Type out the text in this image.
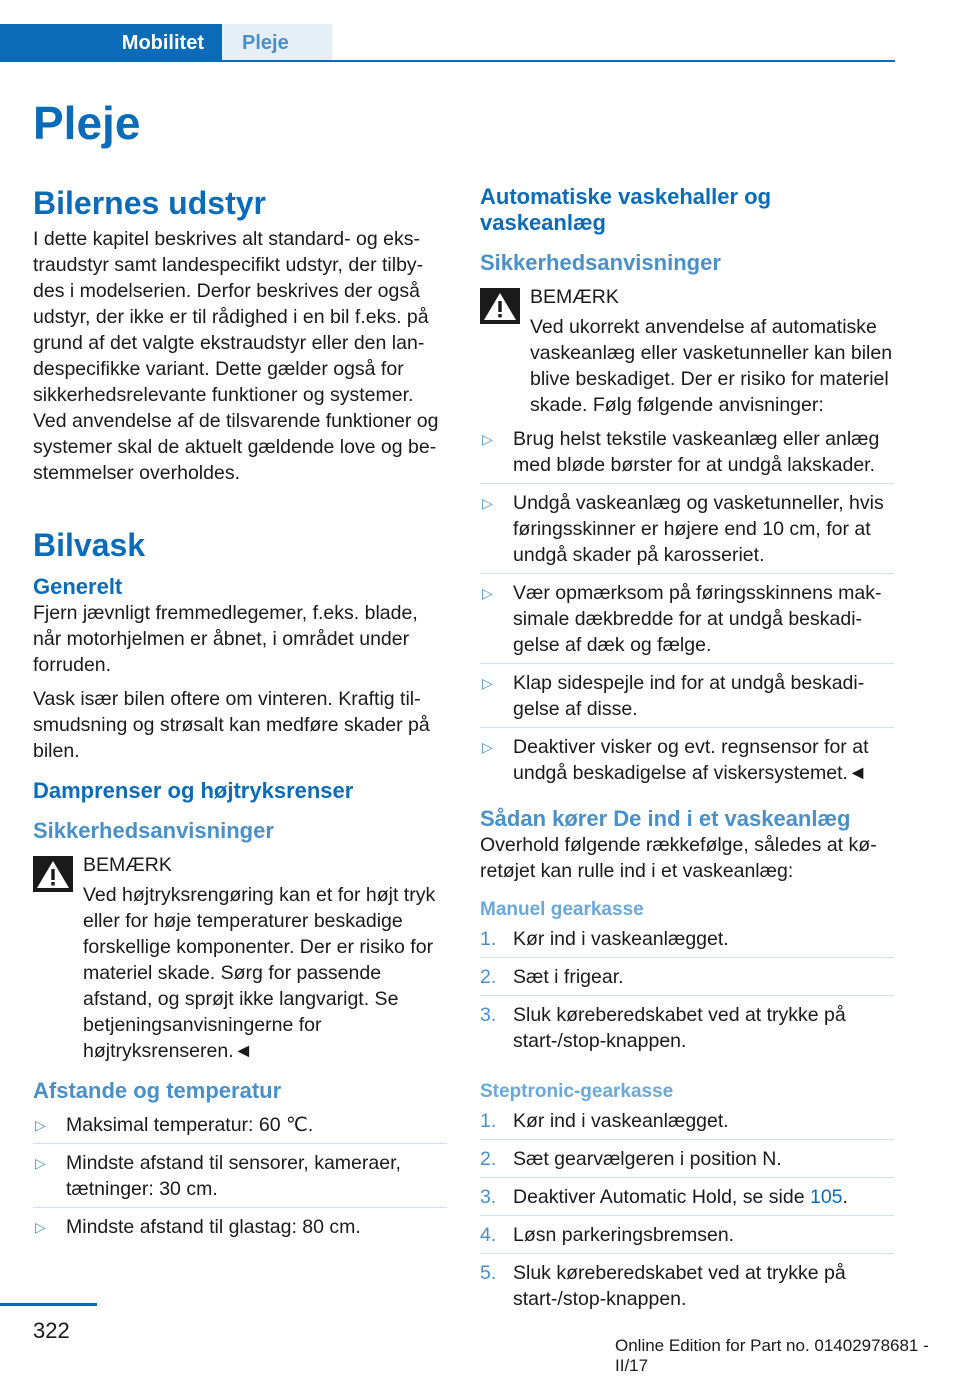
Mobilitet Pleje
Pleje
Bilernes udstyr

I dette kapitel beskrives alt standard- og ekstraudstyr samt landespecifikt udstyr, der tilbydes i modelserien. Derfor beskrives der også udstyr, der ikke er til rådighed i en bil f.eks. på grund af det valgte ekstraudstyr eller den landespecifikke variant. Dette gælder også for sikkerhedsrelevante funktioner og systemer. Ved anvendelse af de tilsvarende funktioner og systemer skal de aktuelt gældende love og bestemmelser overholdes.

Bilvask
Generelt

Fjern jævnligt fremmedlegemer, f.eks. blade, når motorhjelmen er åbnet, i området under forruden.

Vask især bilen oftere om vinteren. Kraftig tilsmudsning og strøsalt kan medføre skader på bilen.

Damprenser og højtryksrenser
Sikkerhedsanvisninger

BEMÆRK

Ved højtryksrengøring kan et for højt tryk eller for høje temperaturer beskadige forskellige komponenter. Der er risiko for materiel skade. Sørg for passende afstand, og sprøjt ikke langvarigt. Se betjeningsanvisningerne for højtryksrenseren.◄

Afstande og temperatur
▷ Maksimal temperatur: 60 ℃.
▷ Mindste afstand til sensorer, kameraer, tætninger: 30 cm.
▷ Mindste afstand til glastag: 80 cm.
Automatiske vaskehaller og vaskeanlæg
Sikkerhedsanvisninger

BEMÆRK

Ved ukorrekt anvendelse af automatiske vaskeanlæg eller vasketunneller kan bilen blive beskadiget. Der er risiko for materiel skade. Følg følgende anvisninger:

▷ Brug helst tekstile vaskeanlæg eller anlæg med bløde børster for at undgå lakskader.
▷ Undgå vaskeanlæg og vasketunneller, hvis føringsskinner er højere end 10 cm, for at undgå skader på karosseriet.
▷ Vær opmærksom på føringsskinnens maksimale dækbredde for at undgå beskadigelse af dæk og fælge.
▷ Klap sidespejle ind for at undgå beskadigelse af disse.
▷ Deaktiver visker og evt. regnsensor for at undgå beskadigelse af viskersystemet.◄
Sådan kører De ind i et vaskeanlæg

Overhold følgende rækkefølge, således at køretøjet kan rulle ind i et vaskeanlæg:

Manuel gearkasse
1. Kør ind i vaskeanlægget.
2. Sæt i frigear.
3. Sluk køreberedskabet ved at trykke på start-/stop-knappen.
Steptronic-gearkasse
1. Kør ind i vaskeanlægget.
2. Sæt gearvælgeren i position N.
3. Deaktiver Automatic Hold, se side 105.
4. Løsn parkeringsbremsen.
5. Sluk køreberedskabet ved at trykke på start-/stop-knappen.
322
Online Edition for Part no. 01402978681 - II/17
